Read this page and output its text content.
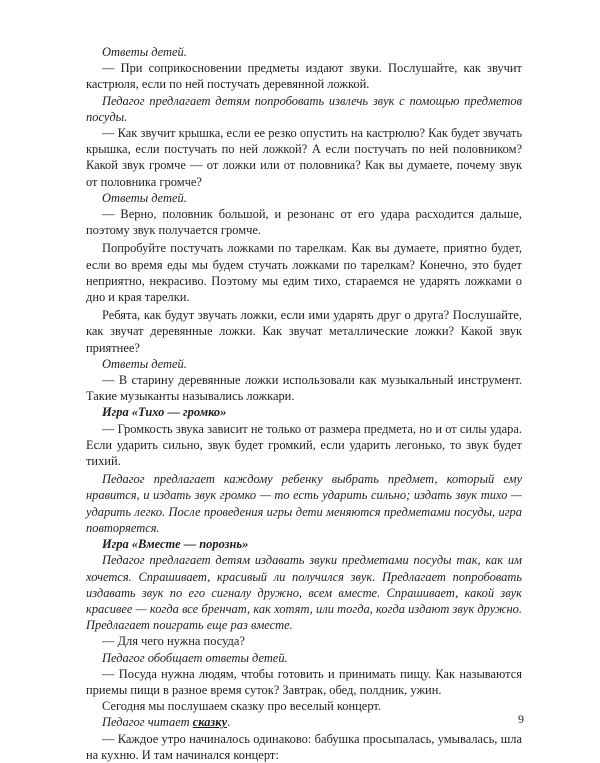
Ответы детей.

— При соприкосновении предметы издают звуки. Послушайте, как звучит кастрюля, если по ней постучать деревянной ложкой.

Педагог предлагает детям попробовать извлечь звук с помощью предметов посуды.

— Как звучит крышка, если ее резко опустить на кастрюлю? Как будет звучать крышка, если постучать по ней ложкой? А если постучать по ней половником? Какой звук громче — от ложки или от половника? Как вы думаете, почему звук от половника громче?

Ответы детей.

— Верно, половник большой, и резонанс от его удара расходится дальше, поэтому звук получается громче.

Попробуйте постучать ложками по тарелкам. Как вы думаете, приятно будет, если во время еды мы будем стучать ложками по тарелкам? Конечно, это будет неприятно, некрасиво. Поэтому мы едим тихо, стараемся не ударять ложками о дно и края тарелки.

Ребята, как будут звучать ложки, если ими ударять друг о друга? Послушайте, как звучат деревянные ложки. Как звучат металлические ложки? Какой звук приятнее?

Ответы детей.

— В старину деревянные ложки использовали как музыкальный инструмент. Такие музыканты назывались ложкари.

Игра «Тихо — громко»

— Громкость звука зависит не только от размера предмета, но и от силы удара. Если ударить сильно, звук будет громкий, если ударить легонько, то звук будет тихий.

Педагог предлагает каждому ребенку выбрать предмет, который ему нравится, и издать звук громко — то есть ударить сильно; издать звук тихо — ударить легко. После проведения игры дети меняются предметами посуды, игра повторяется.

Игра «Вместе — порознь»

Педагог предлагает детям издавать звуки предметами посуды так, как им хочется. Спрашивает, красивый ли получился звук. Предлагает попробовать издавать звук по его сигналу дружно, всем вместе. Спрашивает, какой звук красивее — когда все бренчат, как хотят, или тогда, когда издают звук дружно. Предлагает поиграть еще раз вместе.

— Для чего нужна посуда?

Педагог обобщает ответы детей.

— Посуда нужна людям, чтобы готовить и принимать пищу. Как называются приемы пищи в разное время суток? Завтрак, обед, полдник, ужин.

Сегодня мы послушаем сказку про веселый концерт.

Педагог читает сказку.

— Каждое утро начиналось одинаково: бабушка просыпалась, умывалась, шла на кухню. И там начинался концерт:

9
